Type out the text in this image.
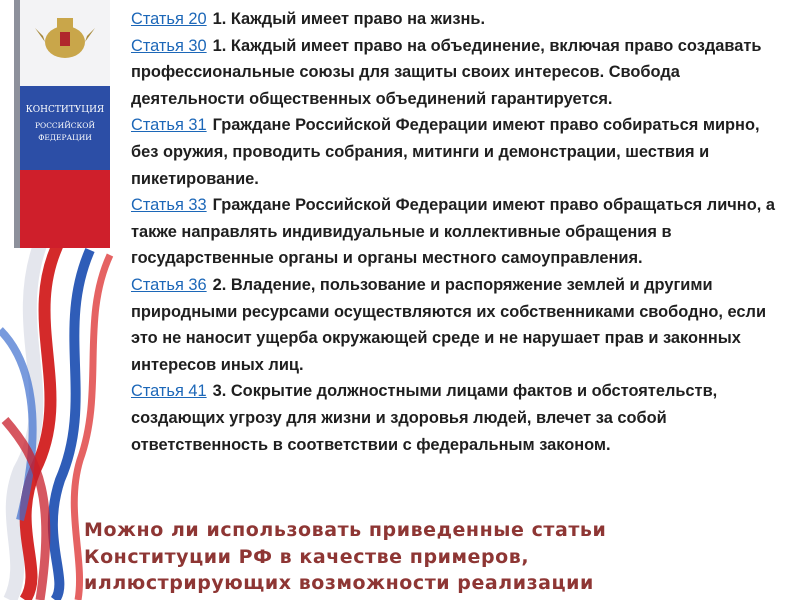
КОНСТИТУЦИЯ
РОССИЙСКОЙ
ФЕДЕРАЦИИ

Статья 20 1. Каждый имеет право на жизнь.

Статья 30 1. Каждый имеет право на объединение, включая право создавать профессиональные союзы для защиты своих интересов. Свобода деятельности общественных объединений гарантируется.

Статья 31 Граждане Российской Федерации имеют право собираться мирно, без оружия, проводить собрания, митинги и демонстрации, шествия и пикетирование.

Статья 33 Граждане Российской Федерации имеют право обращаться лично, а также направлять индивидуальные и коллективные обращения в государственные органы и органы местного самоуправления.

Статья 36 2. Владение, пользование и распоряжение землей и другими природными ресурсами осуществляются их собственниками свободно, если это не наносит ущерба окружающей среде и не нарушает прав и законных интересов иных лиц.

Статья 41 3. Сокрытие должностными лицами фактов и обстоятельств, создающих угрозу для жизни и здоровья людей, влечет за собой ответственность в соответствии с федеральным законом.

Можно ли использовать приведенные статьи

Конституции РФ в качестве примеров,

иллюстрирующих возможности реализации
